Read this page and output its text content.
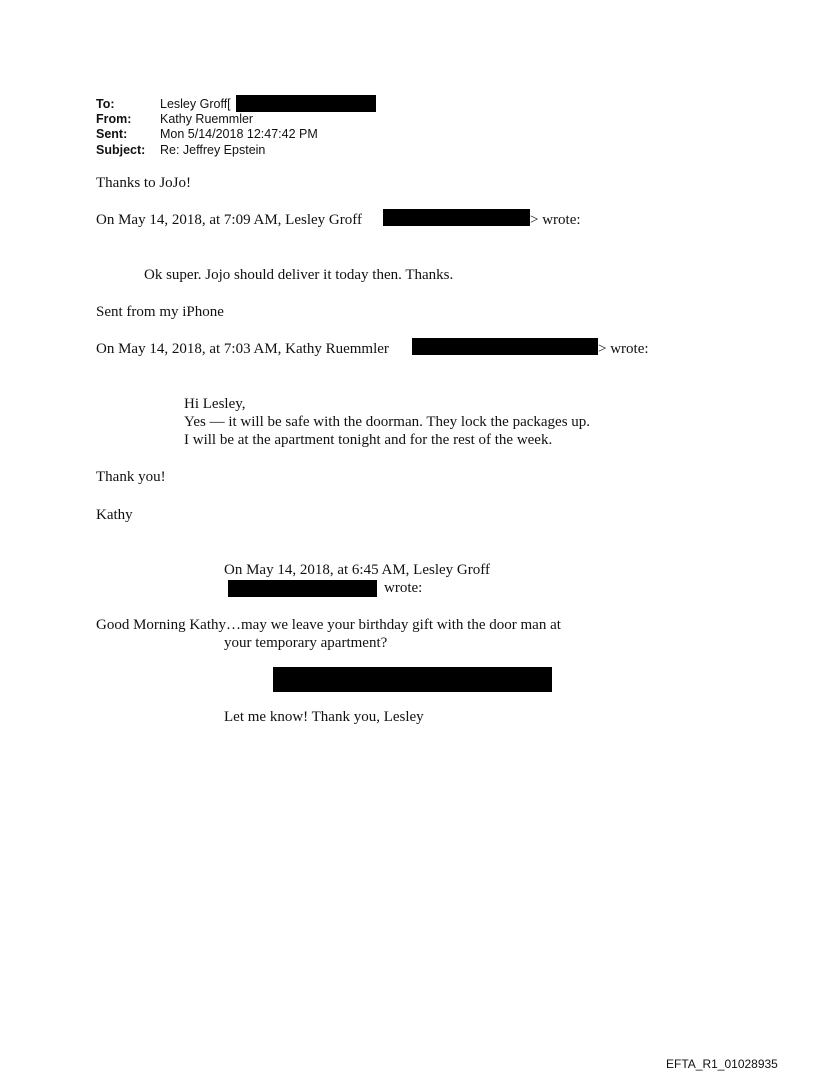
To:	Lesley Groff[
From: Kathy Ruemmler
Sent:	Mon 5/14/2018 12:47:42 PM
Subject: Re: Jeffrey Epstein
Thanks to JoJo!
On May 14, 2018, at 7:09 AM, Lesley Groff	> wrote:
Ok super. Jojo should deliver it today then. Thanks.
Sent from my iPhone
On May 14, 2018, at 7:03 AM, Kathy Ruemmler	> wrote:
Hi Lesley,
Yes — it will be safe with the doorman. They lock the packages up.
I will be at the apartment tonight and for the rest of the week.
Thank you!
Kathy
On May 14, 2018, at 6:45 AM, Lesley Groff
wrote:
Good Morning Kathy…may we leave your birthday gift with the door man at
your temporary apartment?
Let me know! Thank you, Lesley
EFTA_R1_01028935
